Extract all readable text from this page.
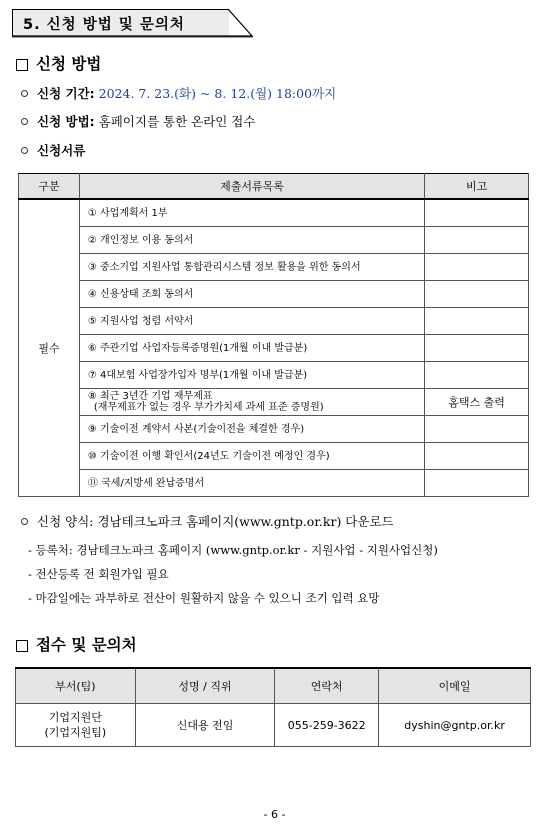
5. 신청 방법 및 문의처
신청 방법
신청 기간: 2024. 7. 23.(화) ~ 8. 12.(월) 18:00까지
신청 방법: 홈페이지를 통한 온라인 접수
신청서류
구분	제출서류목록	비고
필수	① 사업계획서 1부	
	② 개인정보 이용 동의서	
	③ 중소기업 지원사업 통합관리시스템 정보 활용을 위한 동의서	
	④ 신용상태 조회 동의서	
	⑤ 지원사업 청렴 서약서	
	⑥ 주관기업 사업자등록증명원(1개월 이내 발급분)	
	⑦ 4대보험 사업장가입자 명부(1개월 이내 발급분)	

	⑧ 최근 3년간 기업 재무제표
(재무제표가 없는 경우 부가가치세 과세 표준 증명원)	홈택스 출력
	⑨ 기술이전 계약서 사본(기술이전을 체결한 경우)	
	⑩ 기술이전 이행 확인서(24년도 기술이전 예정인 경우)	
	⑪ 국세/지방세 완납증명서	
신청 양식: 경남테크노파크 홈페이지(www.gntp.or.kr) 다운로드
- 등록처: 경남테크노파크 홈페이지 (www.gntp.or.kr - 지원사업 - 지원사업신청)
- 전산등록 전 회원가입 필요
- 마감일에는 과부하로 전산이 원활하지 않을 수 있으니 조기 입력 요망
접수 및 문의처
부서(팀)	성명 / 직위	연락처	이메일

기업지원단
(기업지원팀)	신대용 전임	055-259-3622	dyshin@gntp.or.kr
- 6 -
